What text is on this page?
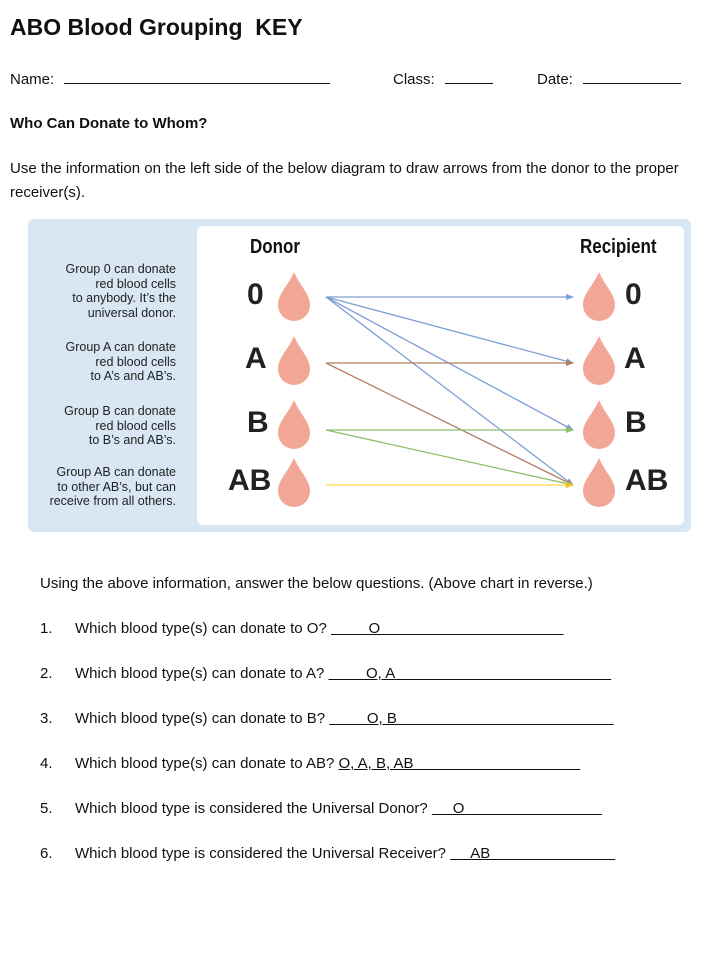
ABO Blood Grouping  KEY
Name:	Class:	Date:
Who Can Donate to Whom?
Use the information on the left side of the below diagram to draw arrows from the donor to the proper receiver(s).
Group 0 can donate
red blood cells
to anybody. It’s the
universal donor.
Group A can donate
red blood cells
to A’s and AB’s.
Group B can donate
red blood cells
to B’s and AB’s.
Group AB can donate
to other AB’s, but can
receive from all others.
Donor	Recipient
0
A
B
AB
0
A
B
AB
Using the above information, answer the below questions. (Above chart in reverse.)
1. Which blood type(s) can donate to O?	O
2. Which blood type(s) can donate to A?	O, A
3. Which blood type(s) can donate to B?	O, B
4. Which blood type(s) can donate to AB? O, A, B, AB
5. Which blood type is considered the Universal Donor? O
6. Which blood type is considered the Universal Receiver? AB
